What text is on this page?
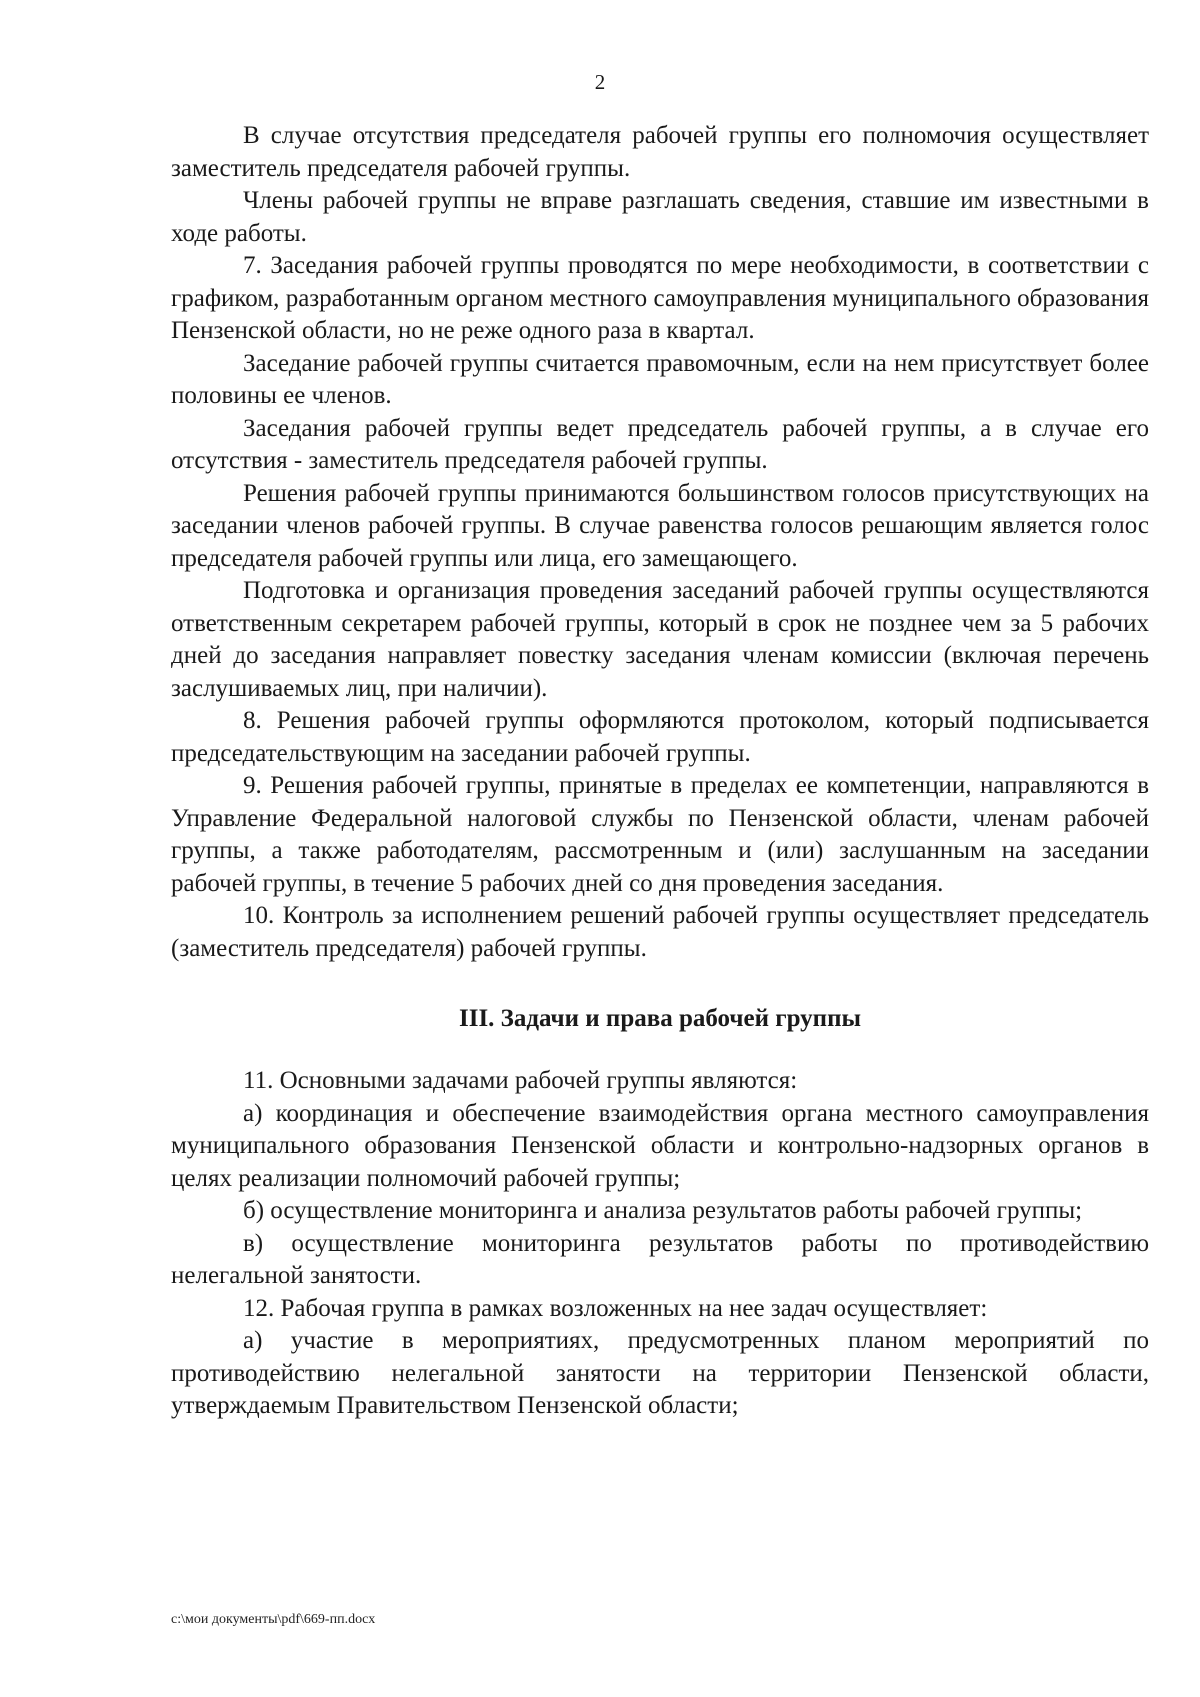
2

В случае отсутствия председателя рабочей группы его полномочия осуществляет заместитель председателя рабочей группы.

Члены рабочей группы не вправе разглашать сведения, ставшие им известными в ходе работы.

7. Заседания рабочей группы проводятся по мере необходимости, в соответствии с графиком, разработанным органом местного самоуправления муниципального образования Пензенской области, но не реже одного раза в квартал.

Заседание рабочей группы считается правомочным, если на нем присутствует более половины ее членов.

Заседания рабочей группы ведет председатель рабочей группы, а в случае его отсутствия - заместитель председателя рабочей группы.

Решения рабочей группы принимаются большинством голосов присутствующих на заседании членов рабочей группы. В случае равенства голосов решающим является голос председателя рабочей группы или лица, его замещающего.

Подготовка и организация проведения заседаний рабочей группы осуществляются ответственным секретарем рабочей группы, который в срок не позднее чем за 5 рабочих дней до заседания направляет повестку заседания членам комиссии (включая перечень заслушиваемых лиц, при наличии).

8. Решения рабочей группы оформляются протоколом, который подписывается председательствующим на заседании рабочей группы.

9. Решения рабочей группы, принятые в пределах ее компетенции, направляются в Управление Федеральной налоговой службы по Пензенской области, членам рабочей группы, а также работодателям, рассмотренным и (или) заслушанным на заседании рабочей группы, в течение 5 рабочих дней со дня проведения заседания.

10. Контроль за исполнением решений рабочей группы осуществляет председатель (заместитель председателя) рабочей группы.

III. Задачи и права рабочей группы

11. Основными задачами рабочей группы являются:

а) координация и обеспечение взаимодействия органа местного самоуправления муниципального образования Пензенской области и контрольно-надзорных органов в целях реализации полномочий рабочей группы;

б) осуществление мониторинга и анализа результатов работы рабочей группы;

в) осуществление мониторинга результатов работы по противодействию нелегальной занятости.

12. Рабочая группа в рамках возложенных на нее задач осуществляет:

а) участие в мероприятиях, предусмотренных планом мероприятий по противодействию нелегальной занятости на территории Пензенской области, утверждаемым Правительством Пензенской области;

c:\мои документы\pdf\669-пп.docx
